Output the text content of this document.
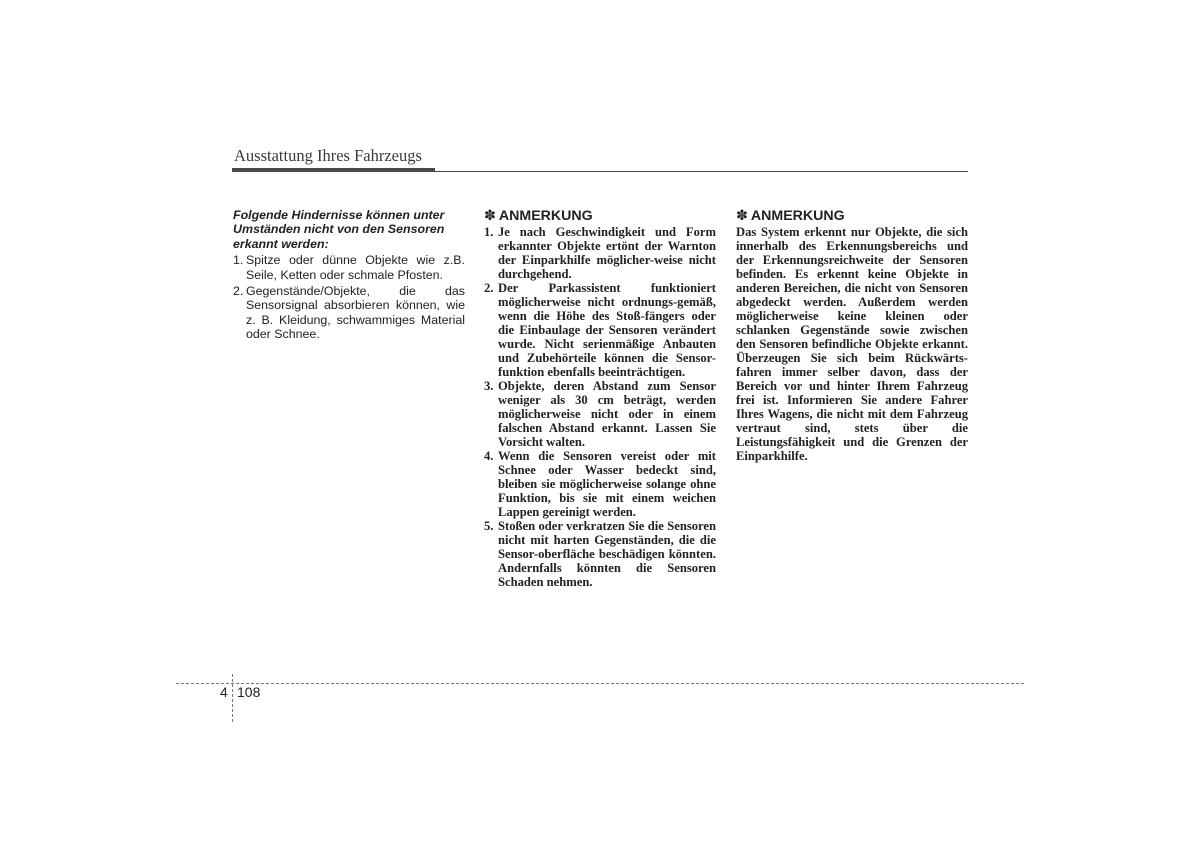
Ausstattung Ihres Fahrzeugs

Folgende Hindernisse können unter Umständen nicht von den Sensoren erkannt werden:

1. Spitze oder dünne Objekte wie z.B. Seile, Ketten oder schmale Pfosten.
2. Gegenstände/Objekte, die das Sensorsignal absorbieren können, wie z. B. Kleidung, schwammiges Material oder Schnee.
✽ ANMERKUNG
1. Je nach Geschwindigkeit und Form erkannter Objekte ertönt der Warnton der Einparkhilfe möglicher-weise nicht durchgehend.
2. Der Parkassistent funktioniert möglicherweise nicht ordnungs-gemäß, wenn die Höhe des Stoß-fängers oder die Einbaulage der Sensoren verändert wurde. Nicht serienmäßige Anbauten und Zubehörteile können die Sensor-funktion ebenfalls beeinträchtigen.
3. Objekte, deren Abstand zum Sensor weniger als 30 cm beträgt, werden möglicherweise nicht oder in einem falschen Abstand erkannt. Lassen Sie Vorsicht walten.
4. Wenn die Sensoren vereist oder mit Schnee oder Wasser bedeckt sind, bleiben sie möglicherweise solange ohne Funktion, bis sie mit einem weichen Lappen gereinigt werden.
5. Stoßen oder verkratzen Sie die Sensoren nicht mit harten Gegenständen, die die Sensor-oberfläche beschädigen könnten. Andernfalls könnten die Sensoren Schaden nehmen.
✽ ANMERKUNG

Das System erkennt nur Objekte, die sich innerhalb des Erkennungsbereichs und der Erkennungsreichweite der Sensoren befinden. Es erkennt keine Objekte in anderen Bereichen, die nicht von Sensoren abgedeckt werden. Außerdem werden möglicherweise keine kleinen oder schlanken Gegenstände sowie zwischen den Sensoren befindliche Objekte erkannt. Überzeugen Sie sich beim Rückwärts-fahren immer selber davon, dass der Bereich vor und hinter Ihrem Fahrzeug frei ist. Informieren Sie andere Fahrer Ihres Wagens, die nicht mit dem Fahrzeug vertraut sind, stets über die Leistungsfähigkeit und die Grenzen der Einparkhilfe.

4 108
